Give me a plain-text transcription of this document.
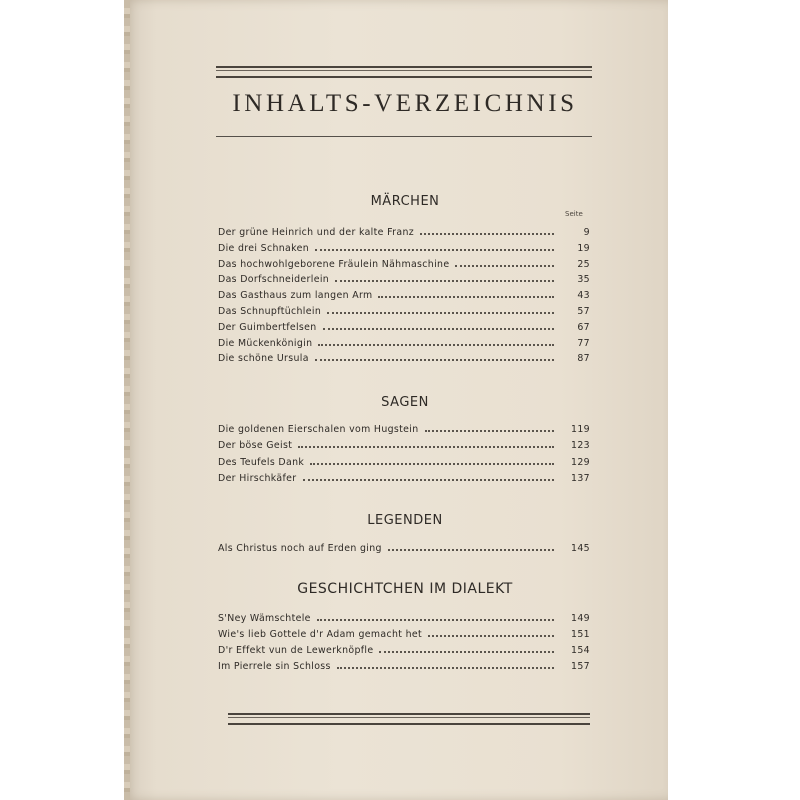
INHALTS-VERZEICHNIS
MÄRCHEN
Seite
Der grüne Heinrich und der kalte Franz	9
Die drei Schnaken	19
Das hochwohlgeborene Fräulein Nähmaschine	25
Das Dorfschneiderlein	35
Das Gasthaus zum langen Arm	43
Das Schnupftüchlein	57
Der Guimbertfelsen	67
Die Mückenkönigin	77
Die schöne Ursula	87
SAGEN
Die goldenen Eierschalen vom Hugstein	119
Der böse Geist	123
Des Teufels Dank	129
Der Hirschkäfer	137
LEGENDEN
Als Christus noch auf Erden ging	145
GESCHICHTCHEN IM DIALEKT
S'Ney Wämschtele	149
Wie's lieb Gottele d'r Adam gemacht het	151
D'r Effekt vun de Lewerknöpfle	154
Im Pierrele sin Schloss	157
